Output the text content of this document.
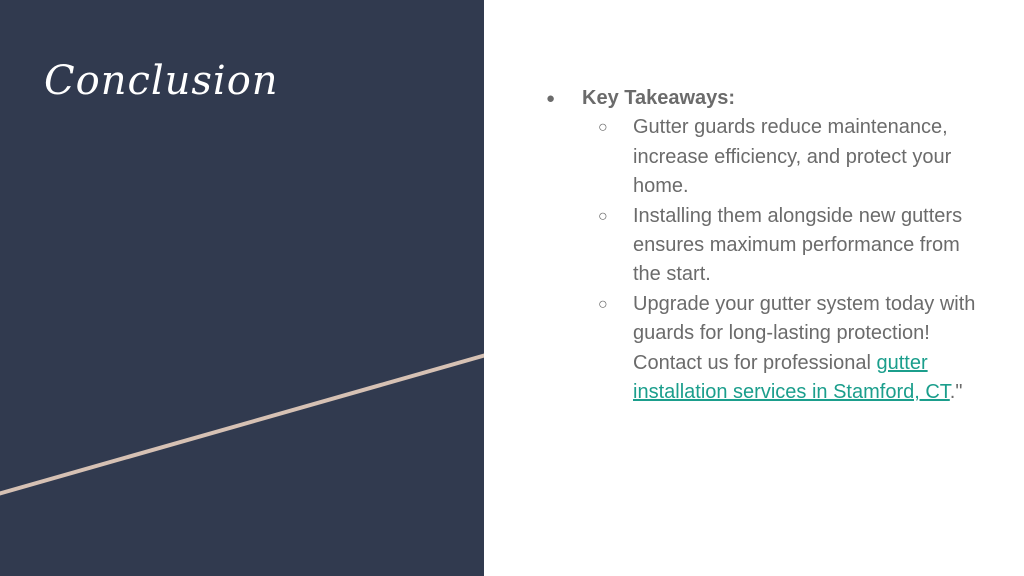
Conclusion	● Key Takeaways:
○ Gutter guards reduce maintenance, increase efficiency, and protect your home.
○ Installing them alongside new gutters ensures maximum performance from the start.
○ Upgrade your gutter system today with guards for long-lasting protection! Contact us for professional gutter installation services in Stamford, CT."
